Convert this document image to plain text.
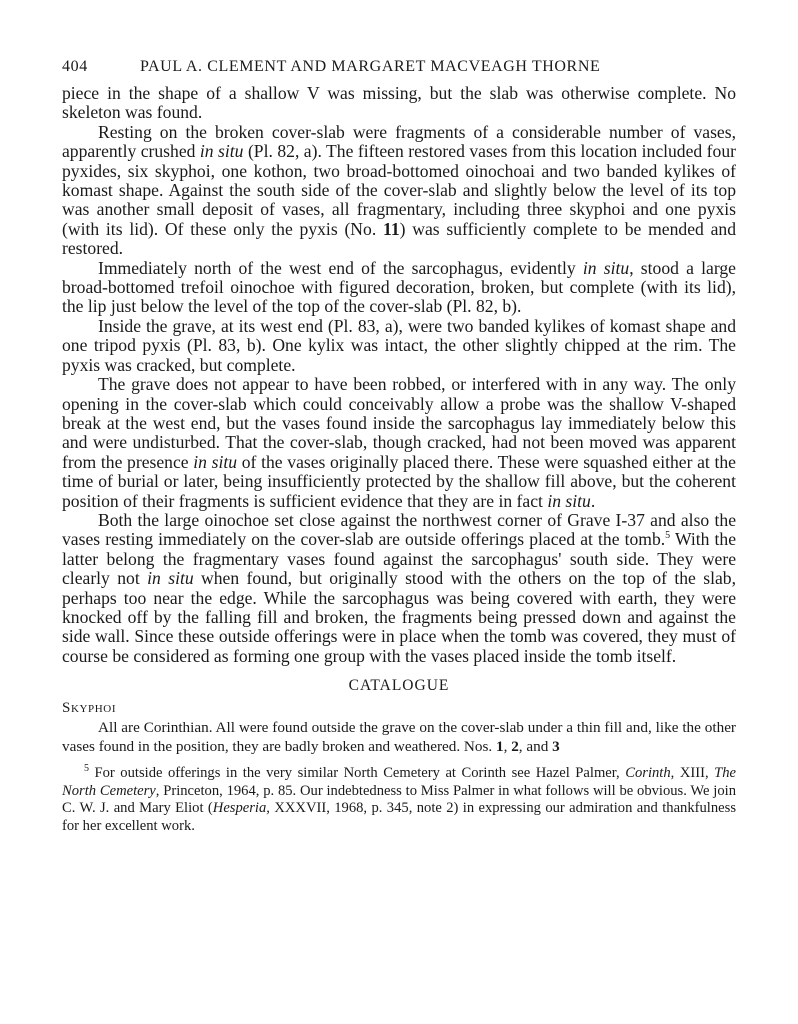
404	PAUL A. CLEMENT AND MARGARET MACVEAGH THORNE

piece in the shape of a shallow V was missing, but the slab was otherwise complete. No skeleton was found.

Resting on the broken cover-slab were fragments of a considerable number of vases, apparently crushed in situ (Pl. 82, a). The fifteen restored vases from this location included four pyxides, six skyphoi, one kothon, two broad-bottomed oinochoai and two banded kylikes of komast shape. Against the south side of the cover-slab and slightly below the level of its top was another small deposit of vases, all fragmentary, including three skyphoi and one pyxis (with its lid). Of these only the pyxis (No. 11) was sufficiently complete to be mended and restored.

Immediately north of the west end of the sarcophagus, evidently in situ, stood a large broad-bottomed trefoil oinochoe with figured decoration, broken, but complete (with its lid), the lip just below the level of the top of the cover-slab (Pl. 82, b).

Inside the grave, at its west end (Pl. 83, a), were two banded kylikes of komast shape and one tripod pyxis (Pl. 83, b). One kylix was intact, the other slightly chipped at the rim. The pyxis was cracked, but complete.

The grave does not appear to have been robbed, or interfered with in any way. The only opening in the cover-slab which could conceivably allow a probe was the shallow V-shaped break at the west end, but the vases found inside the sarcophagus lay immediately below this and were undisturbed. That the cover-slab, though cracked, had not been moved was apparent from the presence in situ of the vases originally placed there. These were squashed either at the time of burial or later, being insufficiently protected by the shallow fill above, but the coherent position of their fragments is sufficient evidence that they are in fact in situ.

Both the large oinochoe set close against the northwest corner of Grave I-37 and also the vases resting immediately on the cover-slab are outside offerings placed at the tomb.$^5$ With the latter belong the fragmentary vases found against the sarcophagus' south side. They were clearly not in situ when found, but originally stood with the others on the top of the slab, perhaps too near the edge. While the sarcophagus was being covered with earth, they were knocked off by the falling fill and broken, the fragments being pressed down and against the side wall. Since these outside offerings were in place when the tomb was covered, they must of course be considered as forming one group with the vases placed inside the tomb itself.

CATALOGUE
Skyphoi

All are Corinthian. All were found outside the grave on the cover-slab under a thin fill and, like the other vases found in the position, they are badly broken and weathered. Nos. 1, 2, and 3

$^5$ For outside offerings in the very similar North Cemetery at Corinth see Hazel Palmer, Corinth, XIII, The North Cemetery, Princeton, 1964, p. 85. Our indebtedness to Miss Palmer in what follows will be obvious. We join C. W. J. and Mary Eliot (Hesperia, XXXVII, 1968, p. 345, note 2) in expressing our admiration and thankfulness for her excellent work.
